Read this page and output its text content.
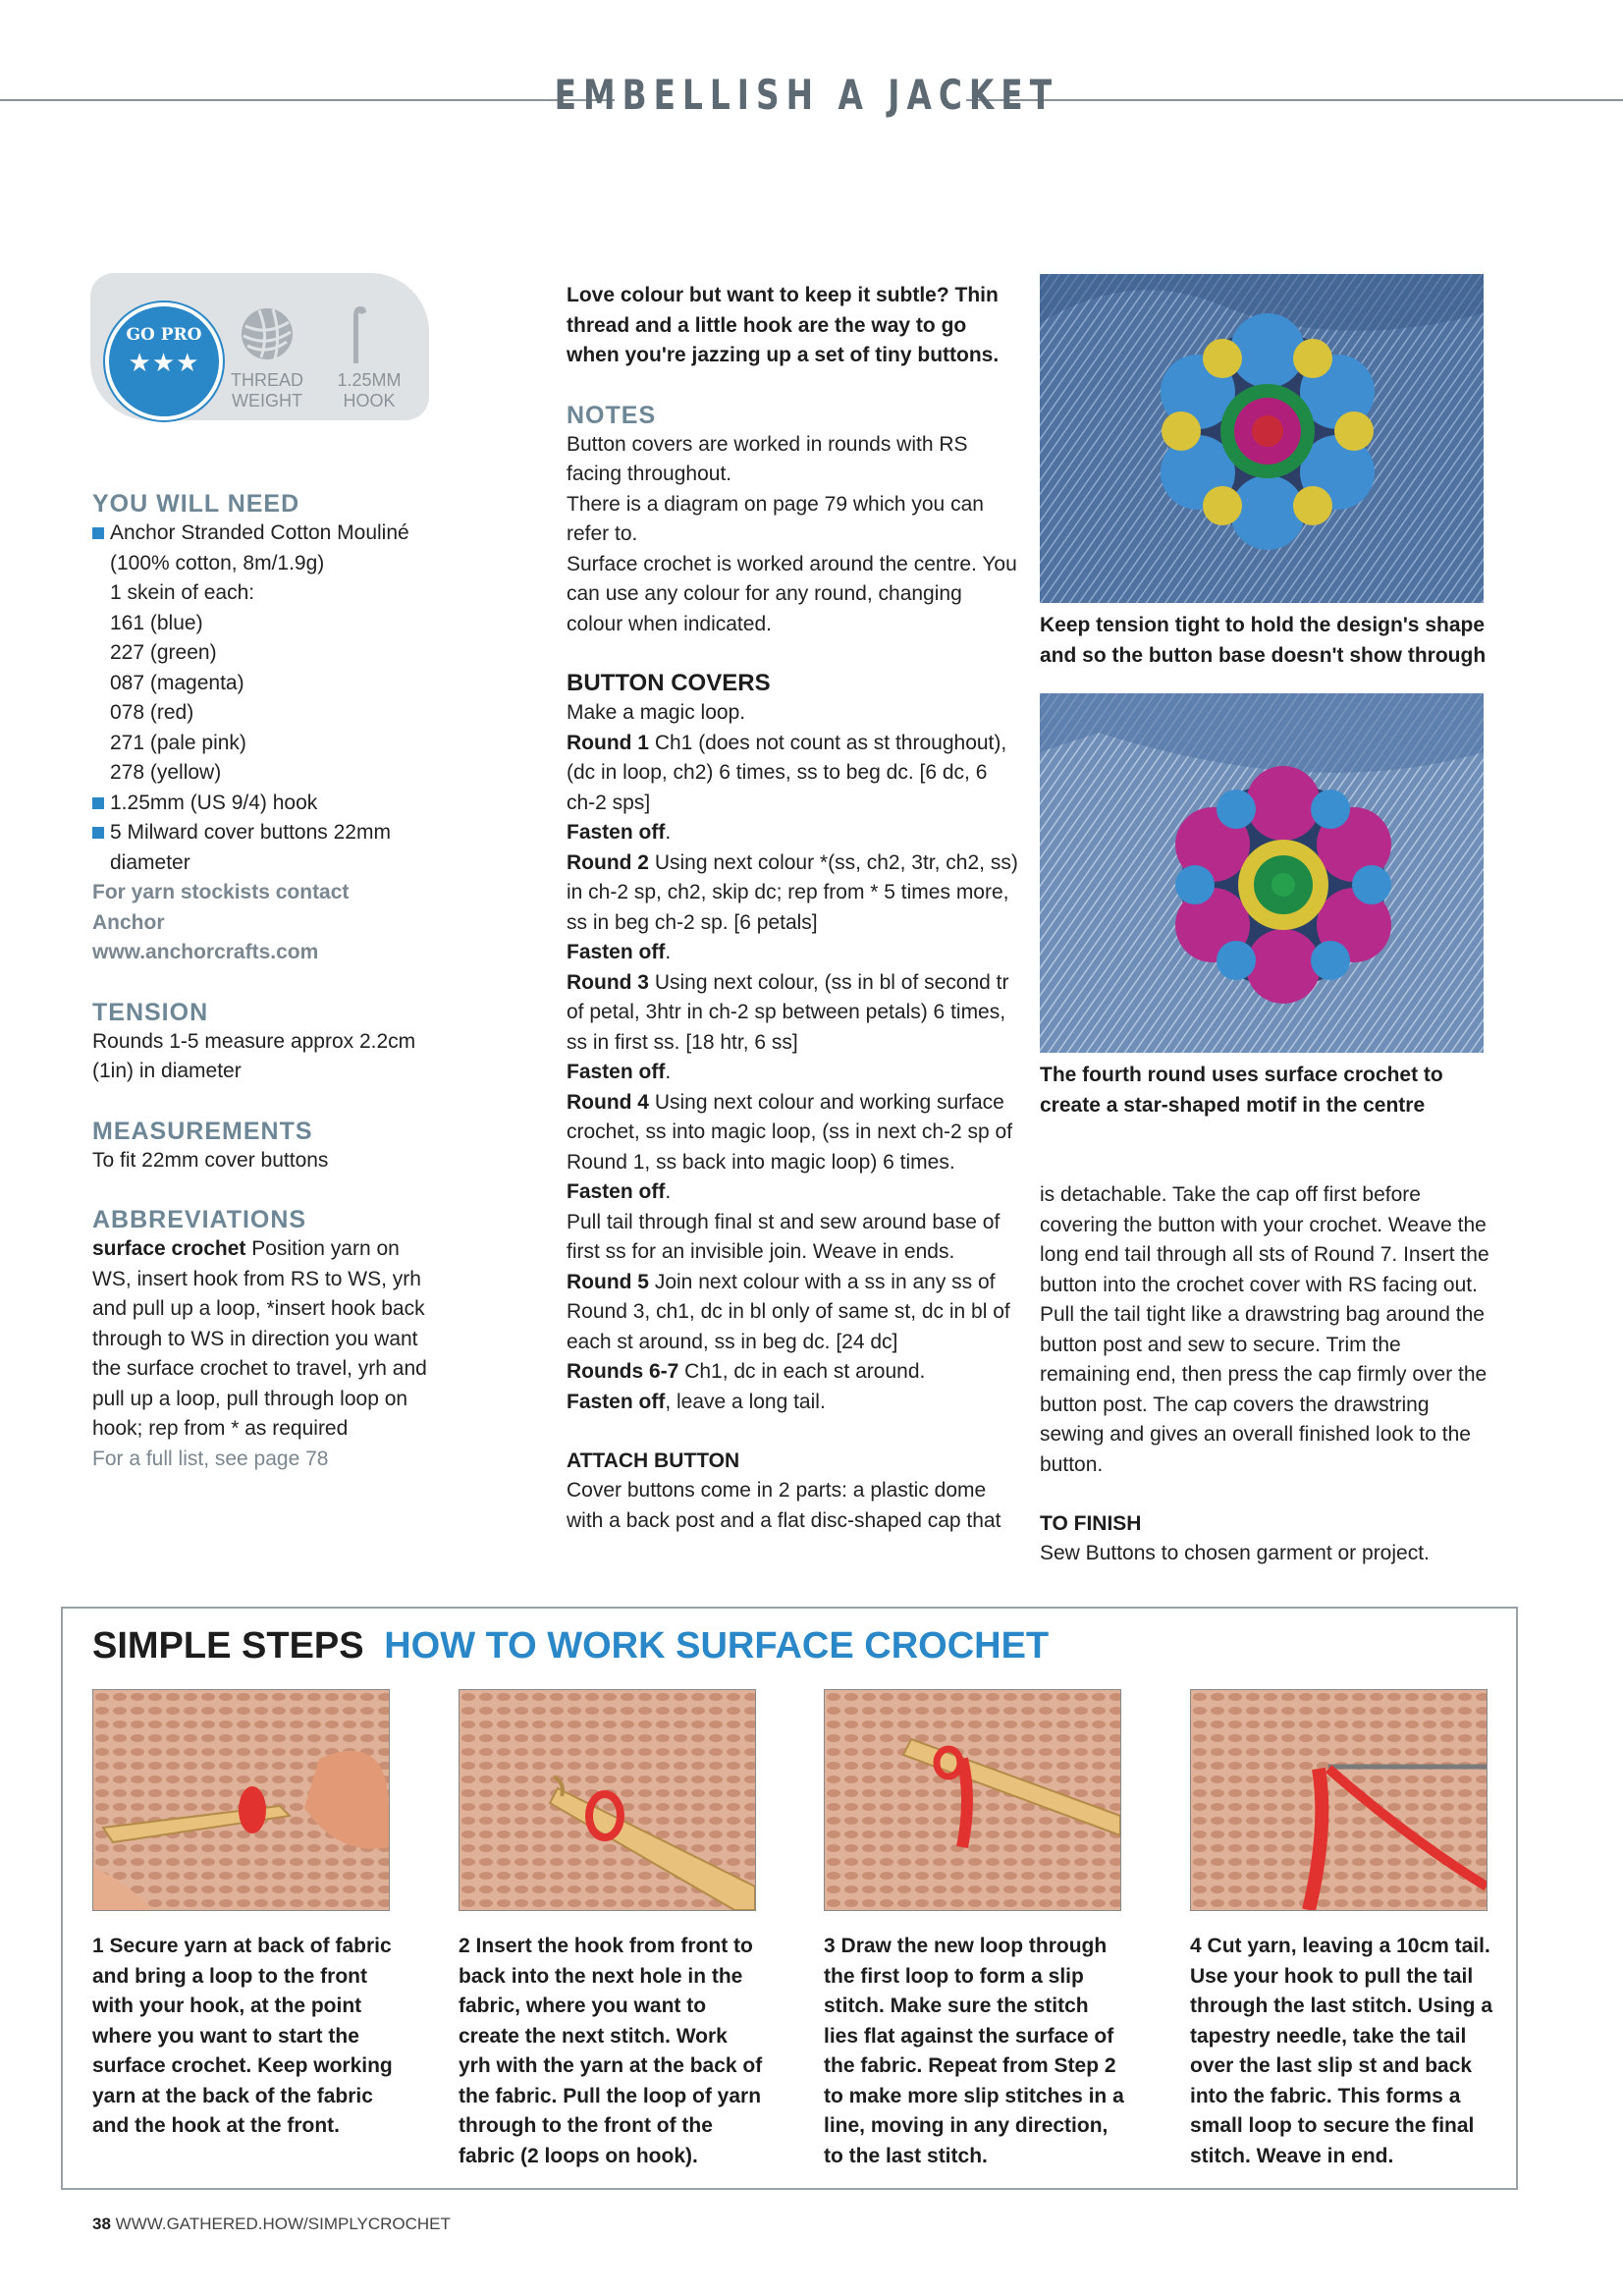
EMBELLISH A JACKET
GO PRO
★★★
THREAD WEIGHT
1.25MM HOOK
YOU WILL NEED
Anchor Stranded Cotton Mouliné (100% cotton, 8m/1.9g)
1 skein of each:
161 (blue)
227 (green)
087 (magenta)
078 (red)
271 (pale pink)
278 (yellow)
1.25mm (US 9/4) hook
5 Milward cover buttons 22mm diameter
For yarn stockists contact Anchor www.anchorcrafts.com
TENSION
Rounds 1-5 measure approx 2.2cm (1in) in diameter
MEASUREMENTS
To fit 22mm cover buttons
ABBREVIATIONS
surface crochet Position yarn on WS, insert hook from RS to WS, yrh and pull up a loop, *insert hook back through to WS in direction you want the surface crochet to travel, yrh and pull up a loop, pull through loop on hook; rep from * as required
For a full list, see page 78
Love colour but want to keep it subtle? Thin thread and a little hook are the way to go when you're jazzing up a set of tiny buttons.
NOTES
Button covers are worked in rounds with RS facing throughout.
There is a diagram on page 79 which you can refer to.
Surface crochet is worked around the centre. You can use any colour for any round, changing colour when indicated.
BUTTON COVERS
Make a magic loop.
Round 1 Ch1 (does not count as st throughout), (dc in loop, ch2) 6 times, ss to beg dc. [6 dc, 6 ch-2 sps]
Fasten off.
Round 2 Using next colour *(ss, ch2, 3tr, ch2, ss) in ch-2 sp, ch2, skip dc; rep from * 5 times more, ss in beg ch-2 sp. [6 petals]
Fasten off.
Round 3 Using next colour, (ss in bl of second tr of petal, 3htr in ch-2 sp between petals) 6 times, ss in first ss. [18 htr, 6 ss]
Fasten off.
Round 4 Using next colour and working surface crochet, ss into magic loop, (ss in next ch-2 sp of Round 1, ss back into magic loop) 6 times.
Fasten off.
Pull tail through final st and sew around base of first ss for an invisible join. Weave in ends.
Round 5 Join next colour with a ss in any ss of Round 3, ch1, dc in bl only of same st, dc in bl of each st around, ss in beg dc. [24 dc]
Rounds 6-7 Ch1, dc in each st around.
Fasten off, leave a long tail.
ATTACH BUTTON
Cover buttons come in 2 parts: a plastic dome with a back post and a flat disc-shaped cap that
Keep tension tight to hold the design's shape and so the button base doesn't show through
The fourth round uses surface crochet to create a star-shaped motif in the centre
is detachable. Take the cap off first before covering the button with your crochet. Weave the long end tail through all sts of Round 7. Insert the button into the crochet cover with RS facing out. Pull the tail tight like a drawstring bag around the button post and sew to secure. Trim the remaining end, then press the cap firmly over the button post. The cap covers the drawstring sewing and gives an overall finished look to the button.
TO FINISH
Sew Buttons to chosen garment or project.
SIMPLE STEPS HOW TO WORK SURFACE CROCHET
1 Secure yarn at back of fabric and bring a loop to the front with your hook, at the point where you want to start the surface crochet. Keep working yarn at the back of the fabric and the hook at the front.
2 Insert the hook from front to back into the next hole in the fabric, where you want to create the next stitch. Work yrh with the yarn at the back of the fabric. Pull the loop of yarn through to the front of the fabric (2 loops on hook).
3 Draw the new loop through the first loop to form a slip stitch. Make sure the stitch lies flat against the surface of the fabric. Repeat from Step 2 to make more slip stitches in a line, moving in any direction, to the last stitch.
4 Cut yarn, leaving a 10cm tail. Use your hook to pull the tail through the last stitch. Using a tapestry needle, take the tail over the last slip st and back into the fabric. This forms a small loop to secure the final stitch. Weave in end.
38 WWW.GATHERED.HOW/SIMPLYCROCHET
